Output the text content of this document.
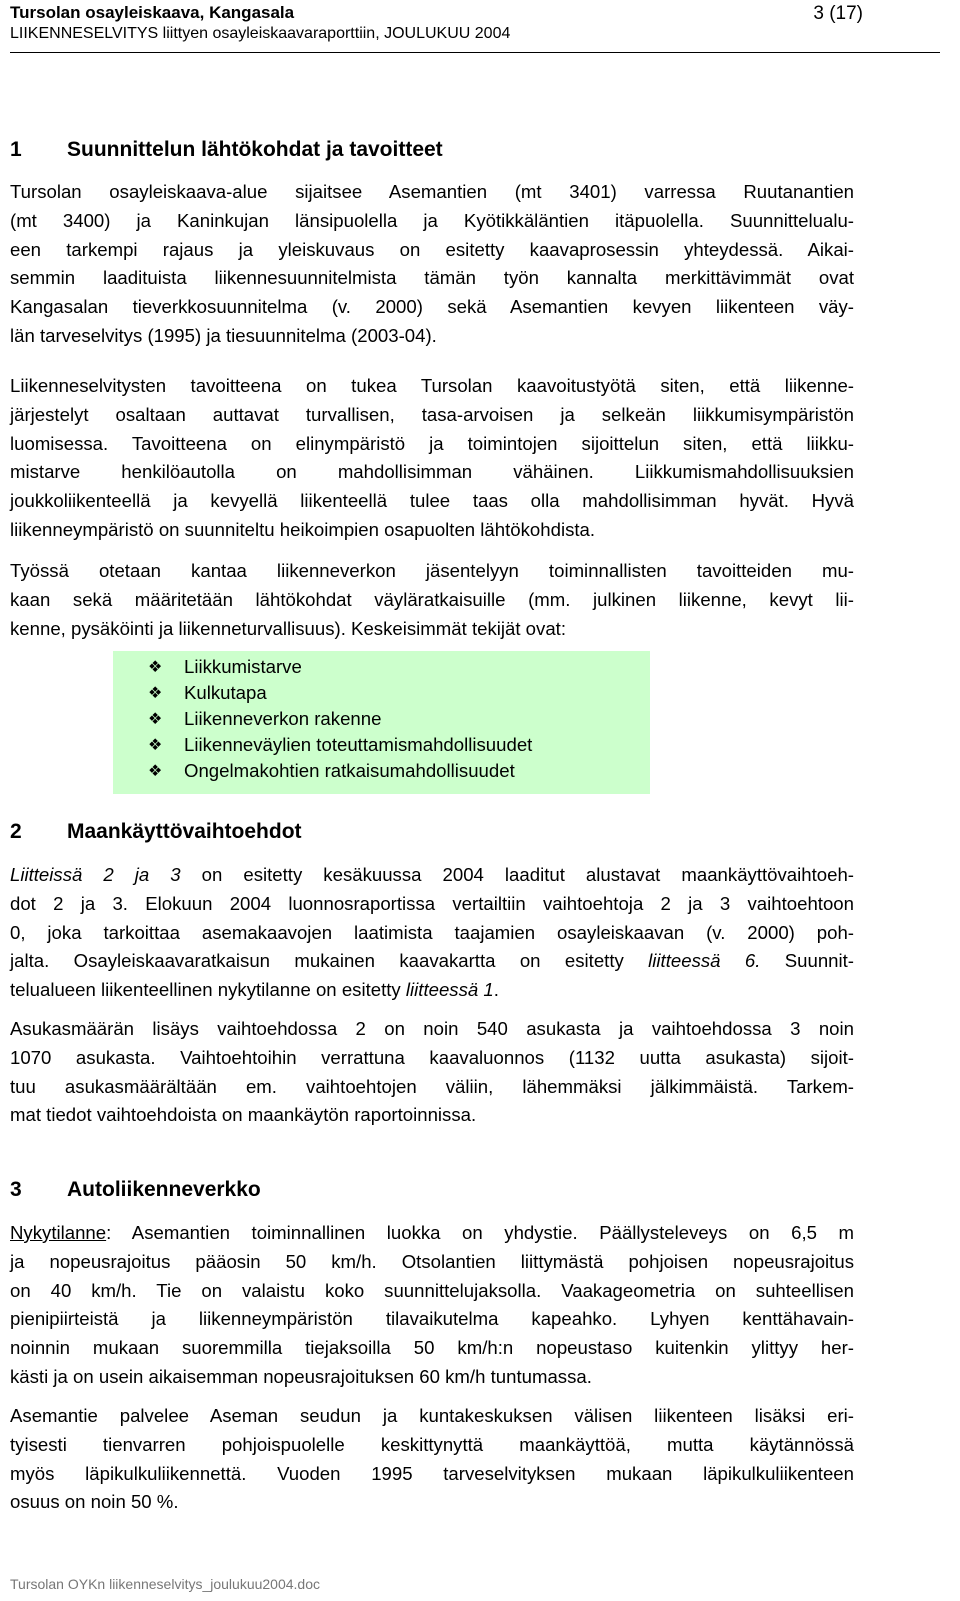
Tursolan osayleiskaava, Kangasala
LIIKENNESELVITYS liittyen osayleiskaavaraporttiin, JOULUKUU 2004
3 (17)
1 Suunnittelun lähtökohdat ja tavoitteet
Tursolan osayleiskaava-alue sijaitsee Asemantien (mt 3401) varressa Ruutanantien
(mt 3400) ja Kaninkujan länsipuolella ja Kyötikkäläntien itäpuolella. Suunnittelualu-
een tarkempi rajaus ja yleiskuvaus on esitetty kaavaprosessin yhteydessä. Aikai-
semmin laadituista liikennesuunnitelmista tämän työn kannalta merkittävimmät ovat
Kangasalan tieverkkosuunnitelma (v. 2000) sekä Asemantien kevyen liikenteen väy-
län tarveselvitys (1995) ja tiesuunnitelma (2003-04).
Liikenneselvitysten tavoitteena on tukea Tursolan kaavoitustyötä siten, että liikenne-
järjestelyt osaltaan auttavat turvallisen, tasa-arvoisen ja selkeän liikkumisympäristön
luomisessa. Tavoitteena on elinympäristö ja toimintojen sijoittelun siten, että liikku-
mistarve henkilöautolla on mahdollisimman vähäinen. Liikkumismahdollisuuksien
joukkoliikenteellä ja kevyellä liikenteellä tulee taas olla mahdollisimman hyvät. Hyvä
liikenneympäristö on suunniteltu heikoimpien osapuolten lähtökohdista.
Työssä otetaan kantaa liikenneverkon jäsentelyyn toiminnallisten tavoitteiden mu-
kaan sekä määritetään lähtökohdat väyläratkaisuille (mm. julkinen liikenne, kevyt lii-
kenne, pysäköinti ja liikenneturvallisuus). Keskeisimmät tekijät ovat:
❖ Liikkumistarve
❖ Kulkutapa
❖ Liikenneverkon rakenne
❖ Liikenneväylien toteuttamismahdollisuudet
❖ Ongelmakohtien ratkaisumahdollisuudet
2 Maankäyttövaihtoehdot
Liitteissä 2 ja 3 on esitetty kesäkuussa 2004 laaditut alustavat maankäyttövaihtoeh-
dot 2 ja 3. Elokuun 2004 luonnosraportissa vertailtiin vaihtoehtoja 2 ja 3 vaihtoehtoon
0, joka tarkoittaa asemakaavojen laatimista taajamien osayleiskaavan (v. 2000) poh-
jalta. Osayleiskaavaratkaisun mukainen kaavakartta on esitetty liitteessä 6. Suunnit-
telualueen liikenteellinen nykytilanne on esitetty liitteessä 1.
Asukasmäärän lisäys vaihtoehdossa 2 on noin 540 asukasta ja vaihtoehdossa 3 noin
1070 asukasta. Vaihtoehtoihin verrattuna kaavaluonnos (1132 uutta asukasta) sijoit-
tuu asukasmäärältään em. vaihtoehtojen väliin, lähemmäksi jälkimmäistä. Tarkem-
mat tiedot vaihtoehdoista on maankäytön raportoinnissa.
3 Autoliikenneverkko
Nykytilanne: Asemantien toiminnallinen luokka on yhdystie. Päällysteleveys on 6,5 m
ja nopeusrajoitus pääosin 50 km/h. Otsolantien liittymästä pohjoisen nopeusrajoitus
on 40 km/h. Tie on valaistu koko suunnittelujaksolla. Vaakageometria on suhteellisen
pienipiirteistä ja liikenneympäristön tilavaikutelma kapeahko. Lyhyen kenttähavain-
noinnin mukaan suoremmilla tiejaksoilla 50 km/h:n nopeustaso kuitenkin ylittyy her-
kästi ja on usein aikaisemman nopeusrajoituksen 60 km/h tuntumassa.
Asemantie palvelee Aseman seudun ja kuntakeskuksen välisen liikenteen lisäksi eri-
tyisesti tienvarren pohjoispuolelle keskittynyttä maankäyttöä, mutta käytännössä
myös läpikulkuliikennettä. Vuoden 1995 tarveselvityksen mukaan läpikulkuliikenteen
osuus on noin 50 %.
Tursolan OYKn liikenneselvitys_joulukuu2004.doc
